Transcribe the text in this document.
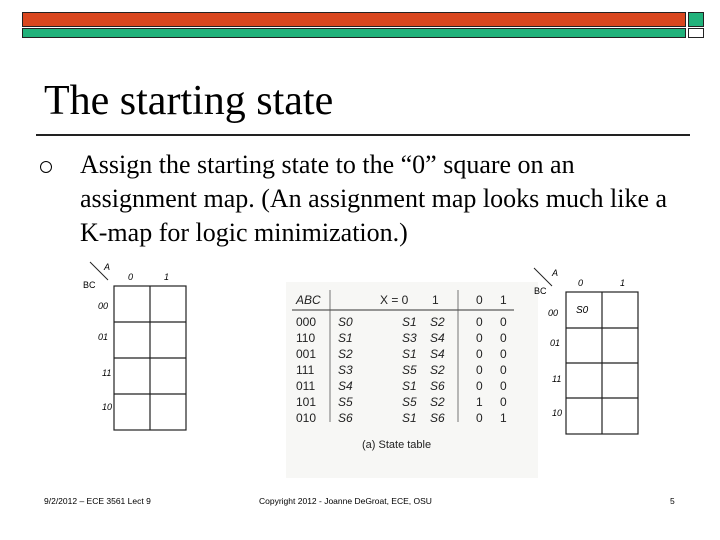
The starting state
Assign the starting state to the “0” square on an assignment map. (An assignment map looks much like a K-map for logic minimization.)
A
BC
0	1
00
01
11
10
ABC	X = 0 1	0 1
000 S0	S1 S2	0 0
110 S1	S3 S4	0 0
001 S2	S1 S4	0 0
111 S3	S5 S2	0 0
011 S4	S1 S6	0 0
101 S5	S5 S2	1 0
010 S6	S1 S6	0 1
(a) State table
A
BC
0	1
00
01
11
10
S0
9/2/2012 – ECE 3561 Lect 9	Copyright 2012 - Joanne DeGroat, ECE, OSU	5
